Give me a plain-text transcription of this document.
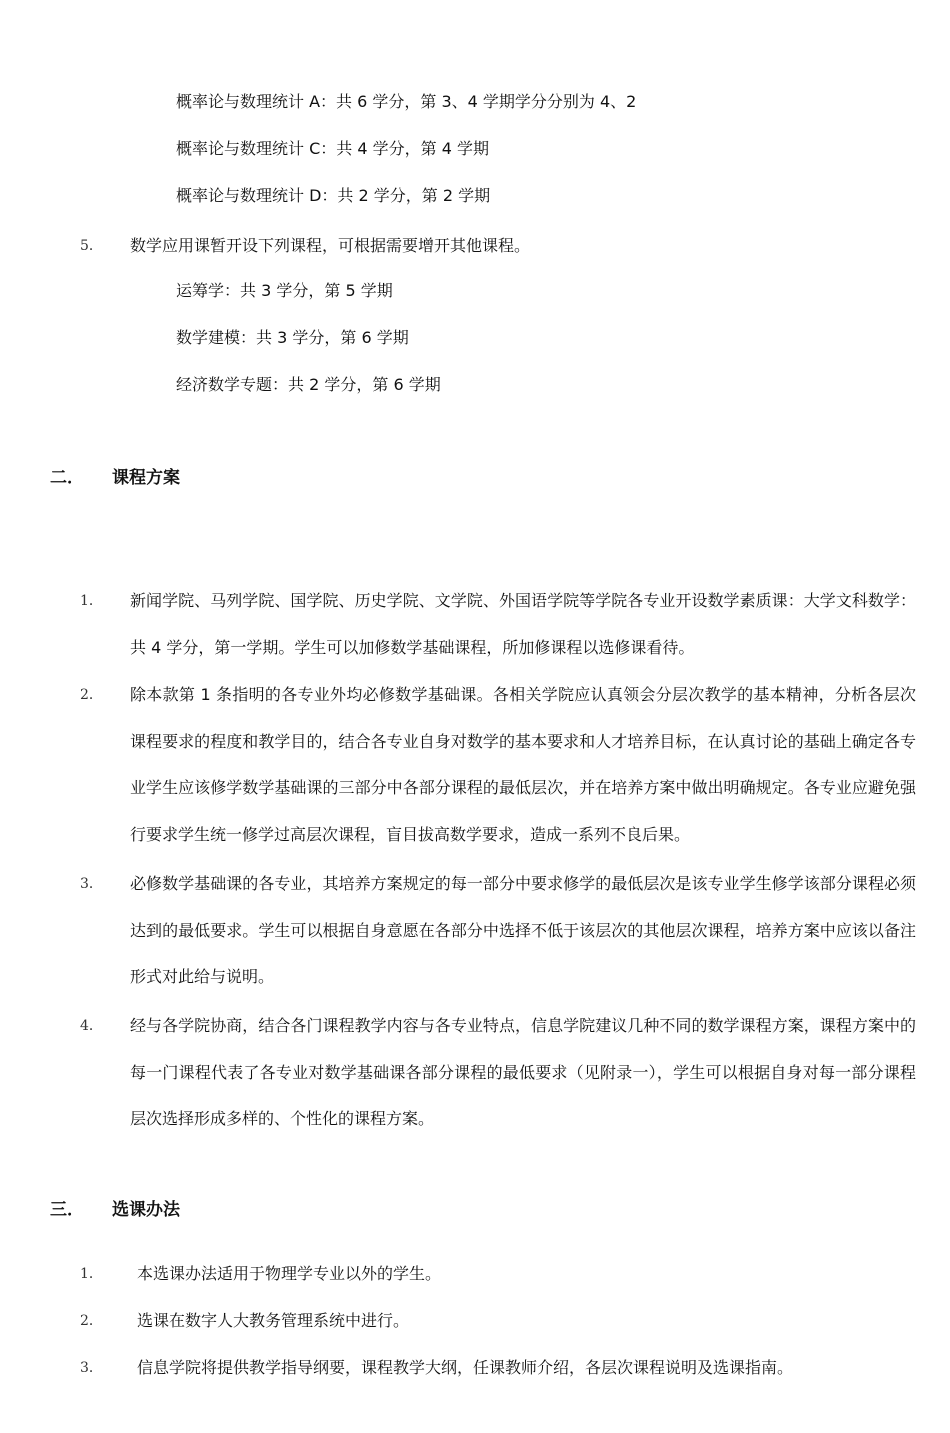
概率论与数理统计 A：共 6 学分，第 3、4 学期学分分别为 4、2
概率论与数理统计 C：共 4 学分，第 4 学期
概率论与数理统计 D：共 2 学分，第 2 学期
5． 数学应用课暂开设下列课程，可根据需要增开其他课程。
运筹学：共 3 学分，第 5 学期
数学建模：共 3 学分，第 6 学期
经济数学专题：共 2 学分，第 6 学期
二． 课程方案
1． 新闻学院、马列学院、国学院、历史学院、文学院、外国语学院等学院各专业开设数学素质课：大学文科数学：共 4 学分，第一学期。学生可以加修数学基础课程，所加修课程以选修课看待。
2． 除本款第 1 条指明的各专业外均必修数学基础课。各相关学院应认真领会分层次教学的基本精神，分析各层次课程要求的程度和教学目的，结合各专业自身对数学的基本要求和人才培养目标，在认真讨论的基础上确定各专业学生应该修学数学基础课的三部分中各部分课程的最低层次，并在培养方案中做出明确规定。各专业应避免强行要求学生统一修学过高层次课程，盲目拔高数学要求，造成一系列不良后果。
3． 必修数学基础课的各专业，其培养方案规定的每一部分中要求修学的最低层次是该专业学生修学该部分课程必须达到的最低要求。学生可以根据自身意愿在各部分中选择不低于该层次的其他层次课程，培养方案中应该以备注形式对此给与说明。
4． 经与各学院协商，结合各门课程教学内容与各专业特点，信息学院建议几种不同的数学课程方案，课程方案中的每一门课程代表了各专业对数学基础课各部分课程的最低要求（见附录一），学生可以根据自身对每一部分课程层次选择形成多样的、个性化的课程方案。
三． 选课办法
1． 本选课办法适用于物理学专业以外的学生。
2． 选课在数字人大教务管理系统中进行。
3． 信息学院将提供教学指导纲要，课程教学大纲，任课教师介绍，各层次课程说明及选课指南。
